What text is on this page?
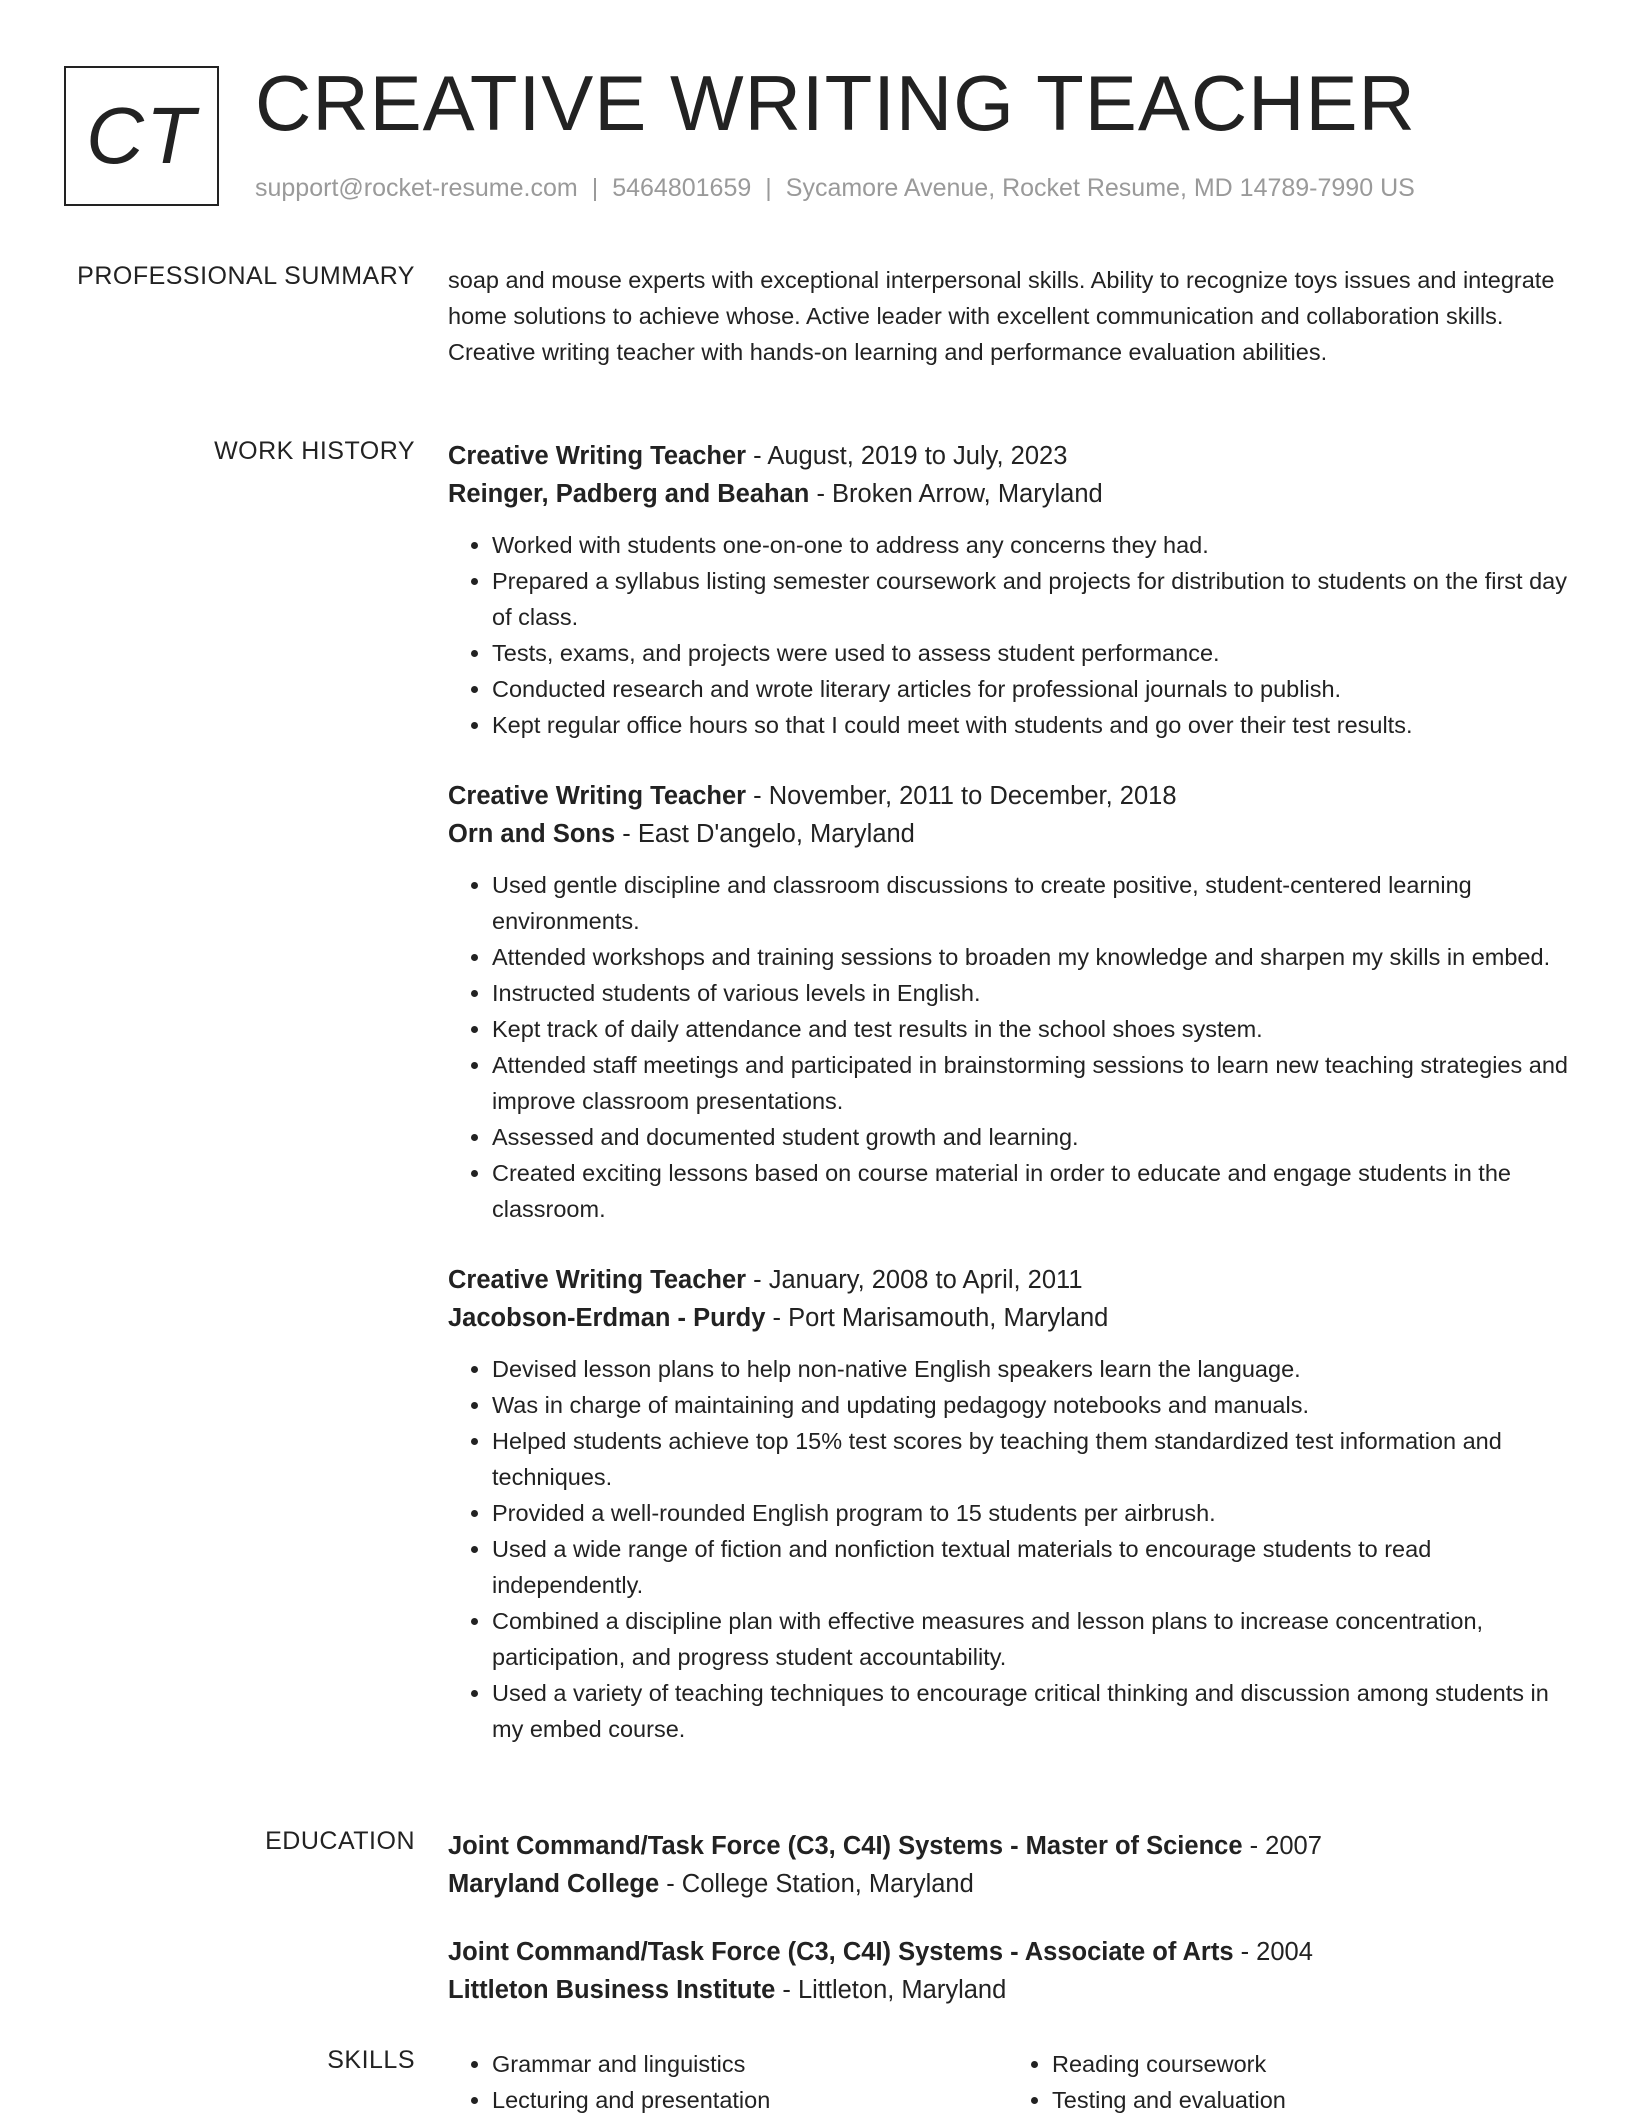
CT CREATIVE WRITING TEACHER
support@rocket-resume.com | 5464801659 | Sycamore Avenue, Rocket Resume, MD 14789-7990 US
PROFESSIONAL SUMMARY soap and mouse experts with exceptional interpersonal skills. Ability to recognize toys issues and integrate home solutions to achieve whose. Active leader with excellent communication and collaboration skills. Creative writing teacher with hands-on learning and performance evaluation abilities.

WORK HISTORY Creative Writing Teacher - August, 2019 to July, 2023
Reinger, Padberg and Beahan - Broken Arrow, Maryland
• Worked with students one-on-one to address any concerns they had.
• Prepared a syllabus listing semester coursework and projects for distribution to students on the first day of class.
• Tests, exams, and projects were used to assess student performance.
• Conducted research and wrote literary articles for professional journals to publish.
• Kept regular office hours so that I could meet with students and go over their test results.
Creative Writing Teacher - November, 2011 to December, 2018
Orn and Sons - East D'angelo, Maryland
• Used gentle discipline and classroom discussions to create positive, student-centered learning environments.
• Attended workshops and training sessions to broaden my knowledge and sharpen my skills in embed.
• Instructed students of various levels in English.
• Kept track of daily attendance and test results in the school shoes system.
• Attended staff meetings and participated in brainstorming sessions to learn new teaching strategies and improve classroom presentations.
• Assessed and documented student growth and learning.
• Created exciting lessons based on course material in order to educate and engage students in the classroom.
Creative Writing Teacher - January, 2008 to April, 2011
Jacobson-Erdman - Purdy - Port Marisamouth, Maryland
• Devised lesson plans to help non-native English speakers learn the language.
• Was in charge of maintaining and updating pedagogy notebooks and manuals.
• Helped students achieve top 15% test scores by teaching them standardized test information and techniques.
• Provided a well-rounded English program to 15 students per airbrush.
• Used a wide range of fiction and nonfiction textual materials to encourage students to read independently.
• Combined a discipline plan with effective measures and lesson plans to increase concentration, participation, and progress student accountability.
• Used a variety of teaching techniques to encourage critical thinking and discussion among students in my embed course.
EDUCATION Joint Command/Task Force (C3, C4I) Systems - Master of Science - 2007
Maryland College - College Station, Maryland
Joint Command/Task Force (C3, C4I) Systems - Associate of Arts - 2004
Littleton Business Institute - Littleton, Maryland
SKILLS
•	Grammar and linguistics
• Lecturing and presentation
• Reading coursework
• Testing and evaluation
